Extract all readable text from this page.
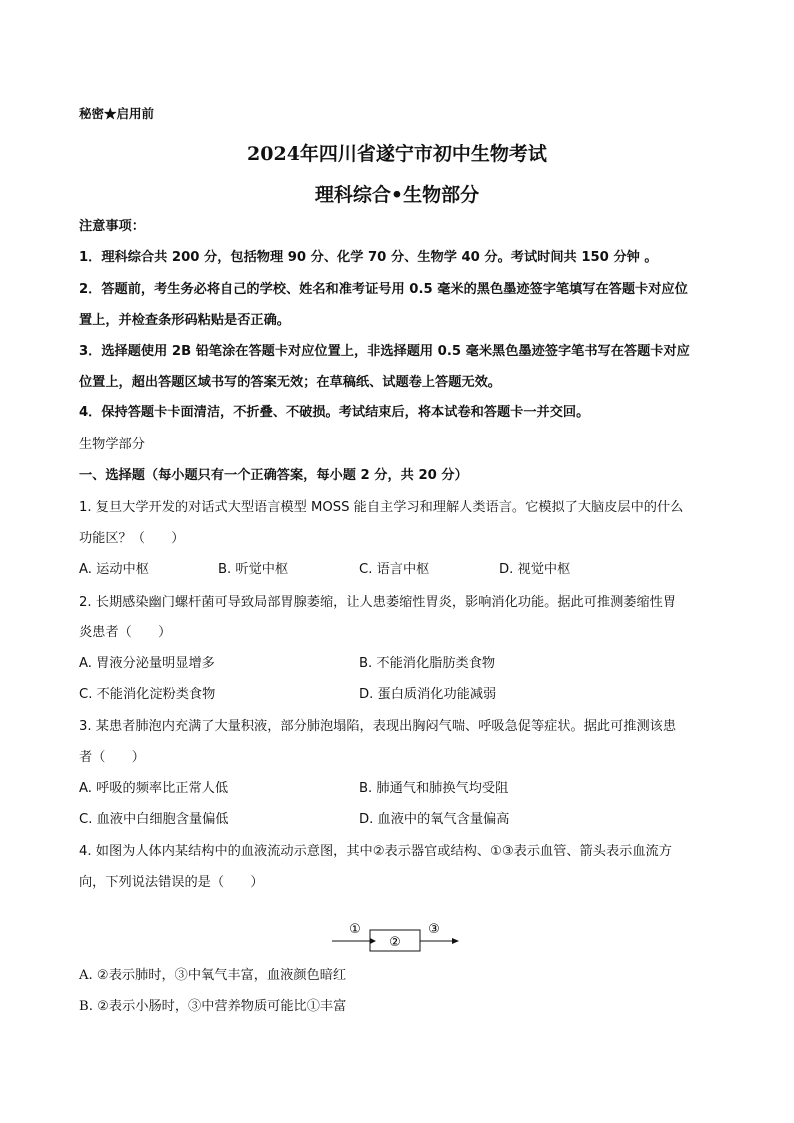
秘密★启用前
2024年四川省遂宁市初中生物考试
理科综合•生物部分
注意事项：
1．理科综合共 200 分，包括物理 90 分、化学 70 分、生物学 40 分。考试时间共 150 分钟 。
2．答题前，考生务必将自己的学校、姓名和准考证号用 0.5 毫米的黑色墨迹签字笔填写在答题卡对应位
置上，并检查条形码粘贴是否正确。
3．选择题使用 2B 铅笔涂在答题卡对应位置上，非选择题用 0.5 毫米黑色墨迹签字笔书写在答题卡对应
位置上，超出答题区域书写的答案无效；在草稿纸、试题卷上答题无效。
4．保持答题卡卡面清洁，不折叠、不破损。考试结束后，将本试卷和答题卡一并交回。
生物学部分
一、选择题（每小题只有一个正确答案，每小题 2 分，共 20 分）
1. 复旦大学开发的对话式大型语言模型 MOSS 能自主学习和理解人类语言。它模拟了大脑皮层中的什么
功能区？（　　）
A. 运动中枢	B. 听觉中枢	C. 语言中枢	D. 视觉中枢
2. 长期感染幽门螺杆菌可导致局部胃腺萎缩，让人患萎缩性胃炎，影响消化功能。据此可推测萎缩性胃
炎患者（　　）
A. 胃液分泌量明显增多	B. 不能消化脂肪类食物
C. 不能消化淀粉类食物	D. 蛋白质消化功能减弱
3. 某患者肺泡内充满了大量积液，部分肺泡塌陷，表现出胸闷气喘、呼吸急促等症状。据此可推测该患
者（　　）
A. 呼吸的频率比正常人低	B. 肺通气和肺换气均受阻
C. 血液中白细胞含量偏低	D. 血液中的氧气含量偏高
4. 如图为人体内某结构中的血液流动示意图，其中②表示器官或结构、①③表示血管、箭头表示血流方
向，下列说法错误的是（　　）
①
②
③
A. ②表示肺时，③中氧气丰富，血液颜色暗红
B. ②表示小肠时，③中营养物质可能比①丰富
